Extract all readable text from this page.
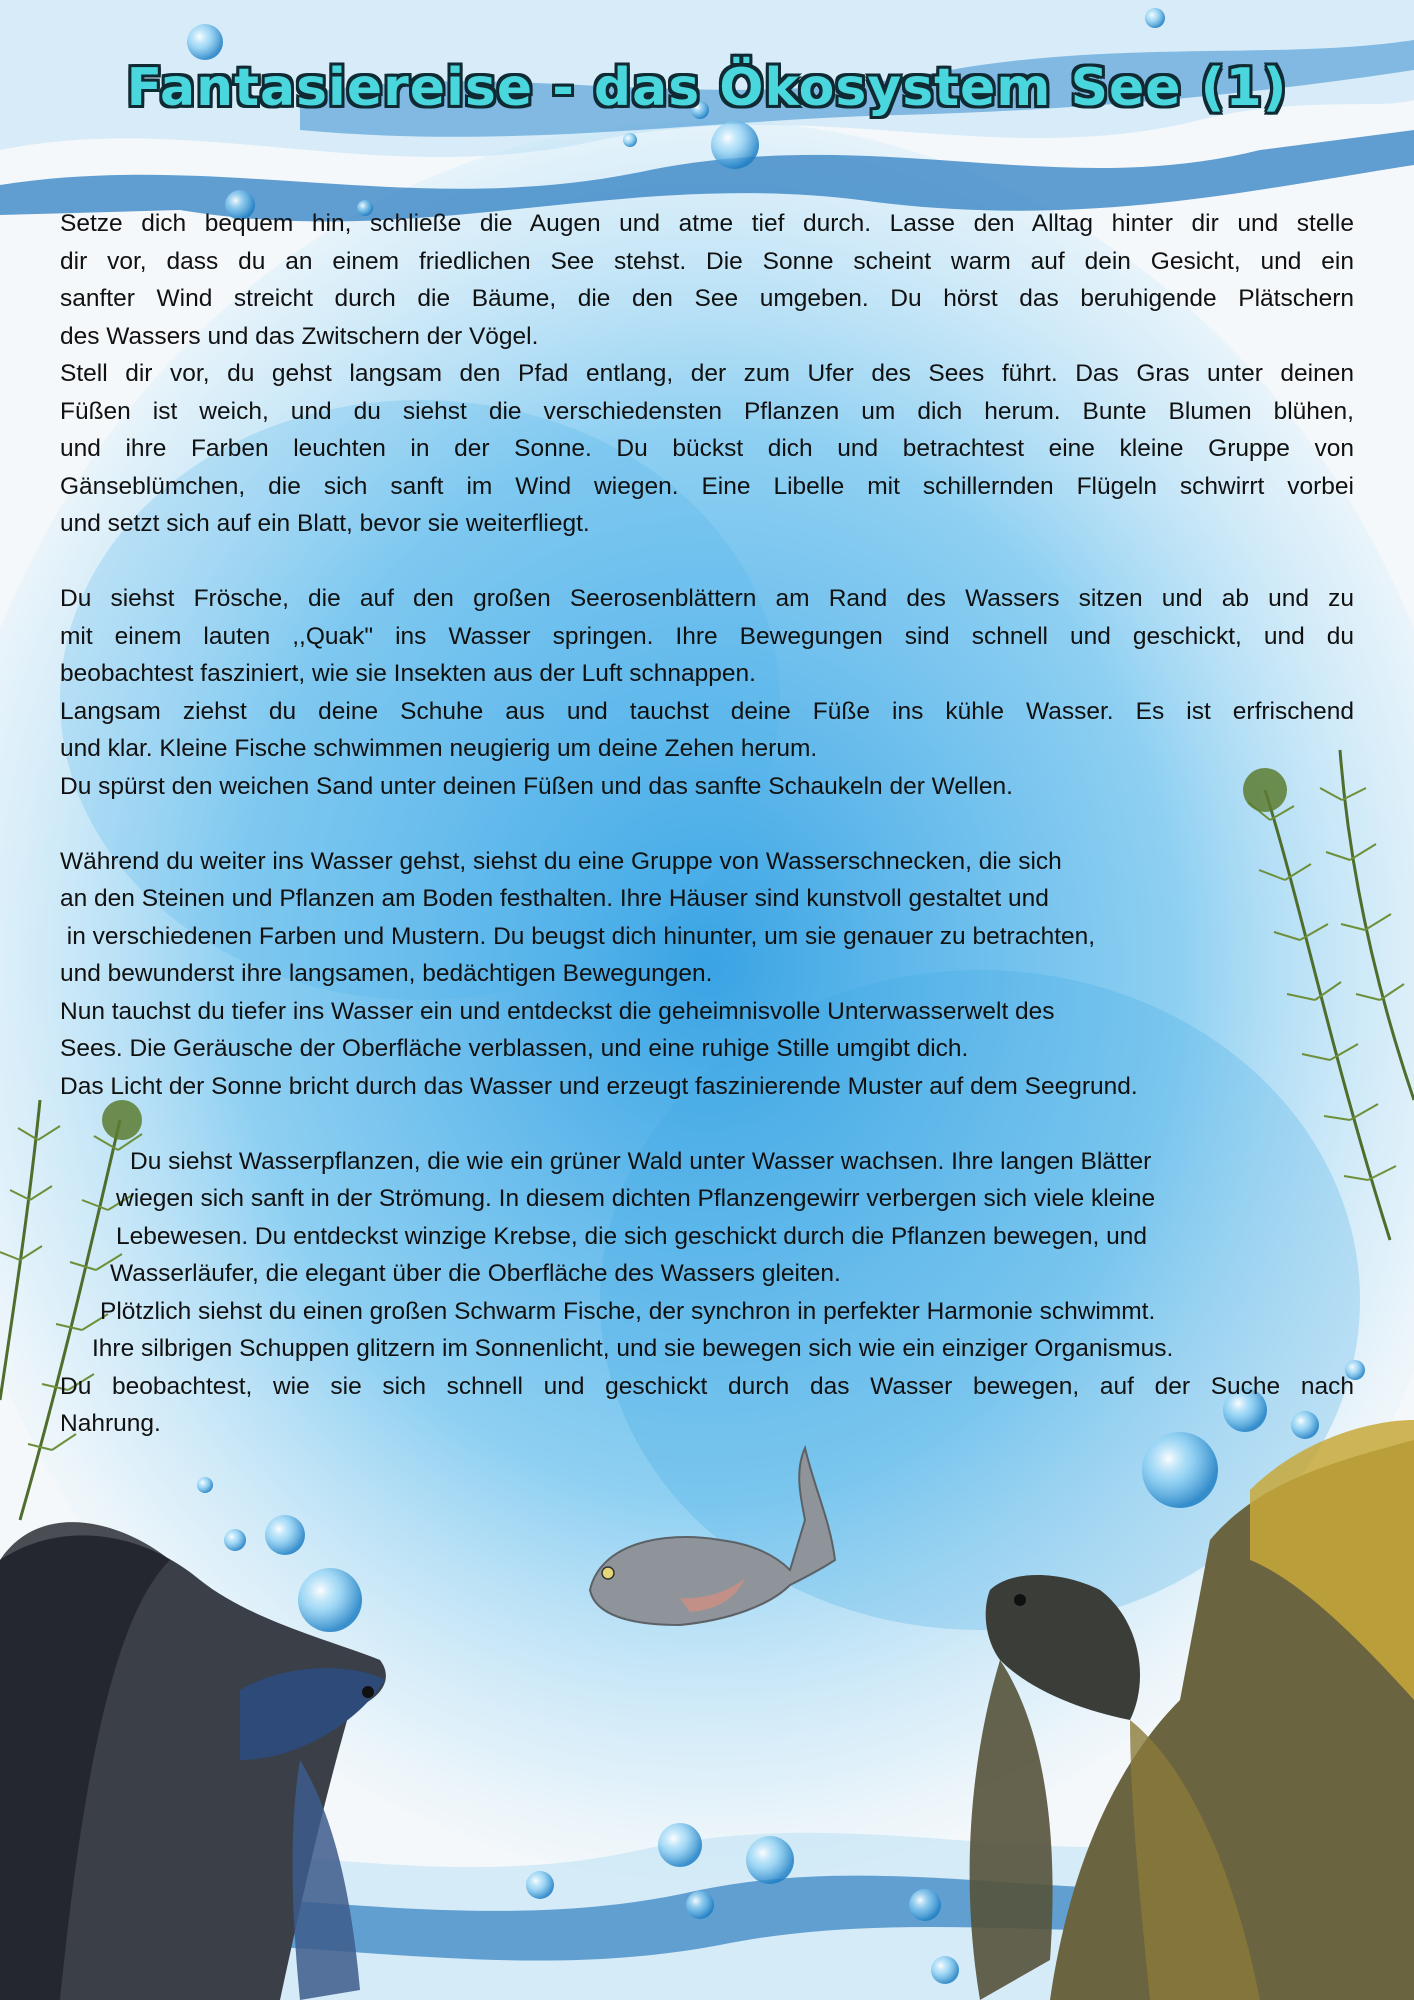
Fantasiereise - das Ökosystem See (1)
Setze dich bequem hin, schließe die Augen und atme tief durch. Lasse den Alltag hinter dir und stelle
dir vor, dass du an einem friedlichen See stehst. Die Sonne scheint warm auf dein Gesicht, und ein
sanfter Wind streicht durch die Bäume, die den See umgeben. Du hörst das beruhigende Plätschern
des Wassers und das Zwitschern der Vögel.
Stell dir vor, du gehst langsam den Pfad entlang, der zum Ufer des Sees führt. Das Gras unter deinen
Füßen ist weich, und du siehst die verschiedensten Pflanzen um dich herum. Bunte Blumen blühen,
und ihre Farben leuchten in der Sonne. Du bückst dich und betrachtest eine kleine Gruppe von
Gänseblümchen, die sich sanft im Wind wiegen. Eine Libelle mit schillernden Flügeln schwirrt vorbei
und setzt sich auf ein Blatt, bevor sie weiterfliegt.
Du siehst Frösche, die auf den großen Seerosenblättern am Rand des Wassers sitzen und ab und zu
mit einem lauten ,,Quak" ins Wasser springen. Ihre Bewegungen sind schnell und geschickt, und du
beobachtest fasziniert, wie sie Insekten aus der Luft schnappen.
Langsam ziehst du deine Schuhe aus und tauchst deine Füße ins kühle Wasser. Es ist erfrischend
und klar. Kleine Fische schwimmen neugierig um deine Zehen herum.
Du spürst den weichen Sand unter deinen Füßen und das sanfte Schaukeln der Wellen.
Während du weiter ins Wasser gehst, siehst du eine Gruppe von Wasserschnecken, die sich
an den Steinen und Pflanzen am Boden festhalten. Ihre Häuser sind kunstvoll gestaltet und
in verschiedenen Farben und Mustern. Du beugst dich hinunter, um sie genauer zu betrachten,
und bewunderst ihre langsamen, bedächtigen Bewegungen.
Nun tauchst du tiefer ins Wasser ein und entdeckst die geheimnisvolle Unterwasserwelt des
Sees. Die Geräusche der Oberfläche verblassen, und eine ruhige Stille umgibt dich.
Das Licht der Sonne bricht durch das Wasser und erzeugt faszinierende Muster auf dem Seegrund.
Du siehst Wasserpflanzen, die wie ein grüner Wald unter Wasser wachsen. Ihre langen Blätter
wiegen sich sanft in der Strömung. In diesem dichten Pflanzengewirr verbergen sich viele kleine
Lebewesen. Du entdeckst winzige Krebse, die sich geschickt durch die Pflanzen bewegen, und
Wasserläufer, die elegant über die Oberfläche des Wassers gleiten.
Plötzlich siehst du einen großen Schwarm Fische, der synchron in perfekter Harmonie schwimmt.
Ihre silbrigen Schuppen glitzern im Sonnenlicht, und sie bewegen sich wie ein einziger Organismus.
Du beobachtest, wie sie sich schnell und geschickt durch das Wasser bewegen, auf der Suche nach
Nahrung.
